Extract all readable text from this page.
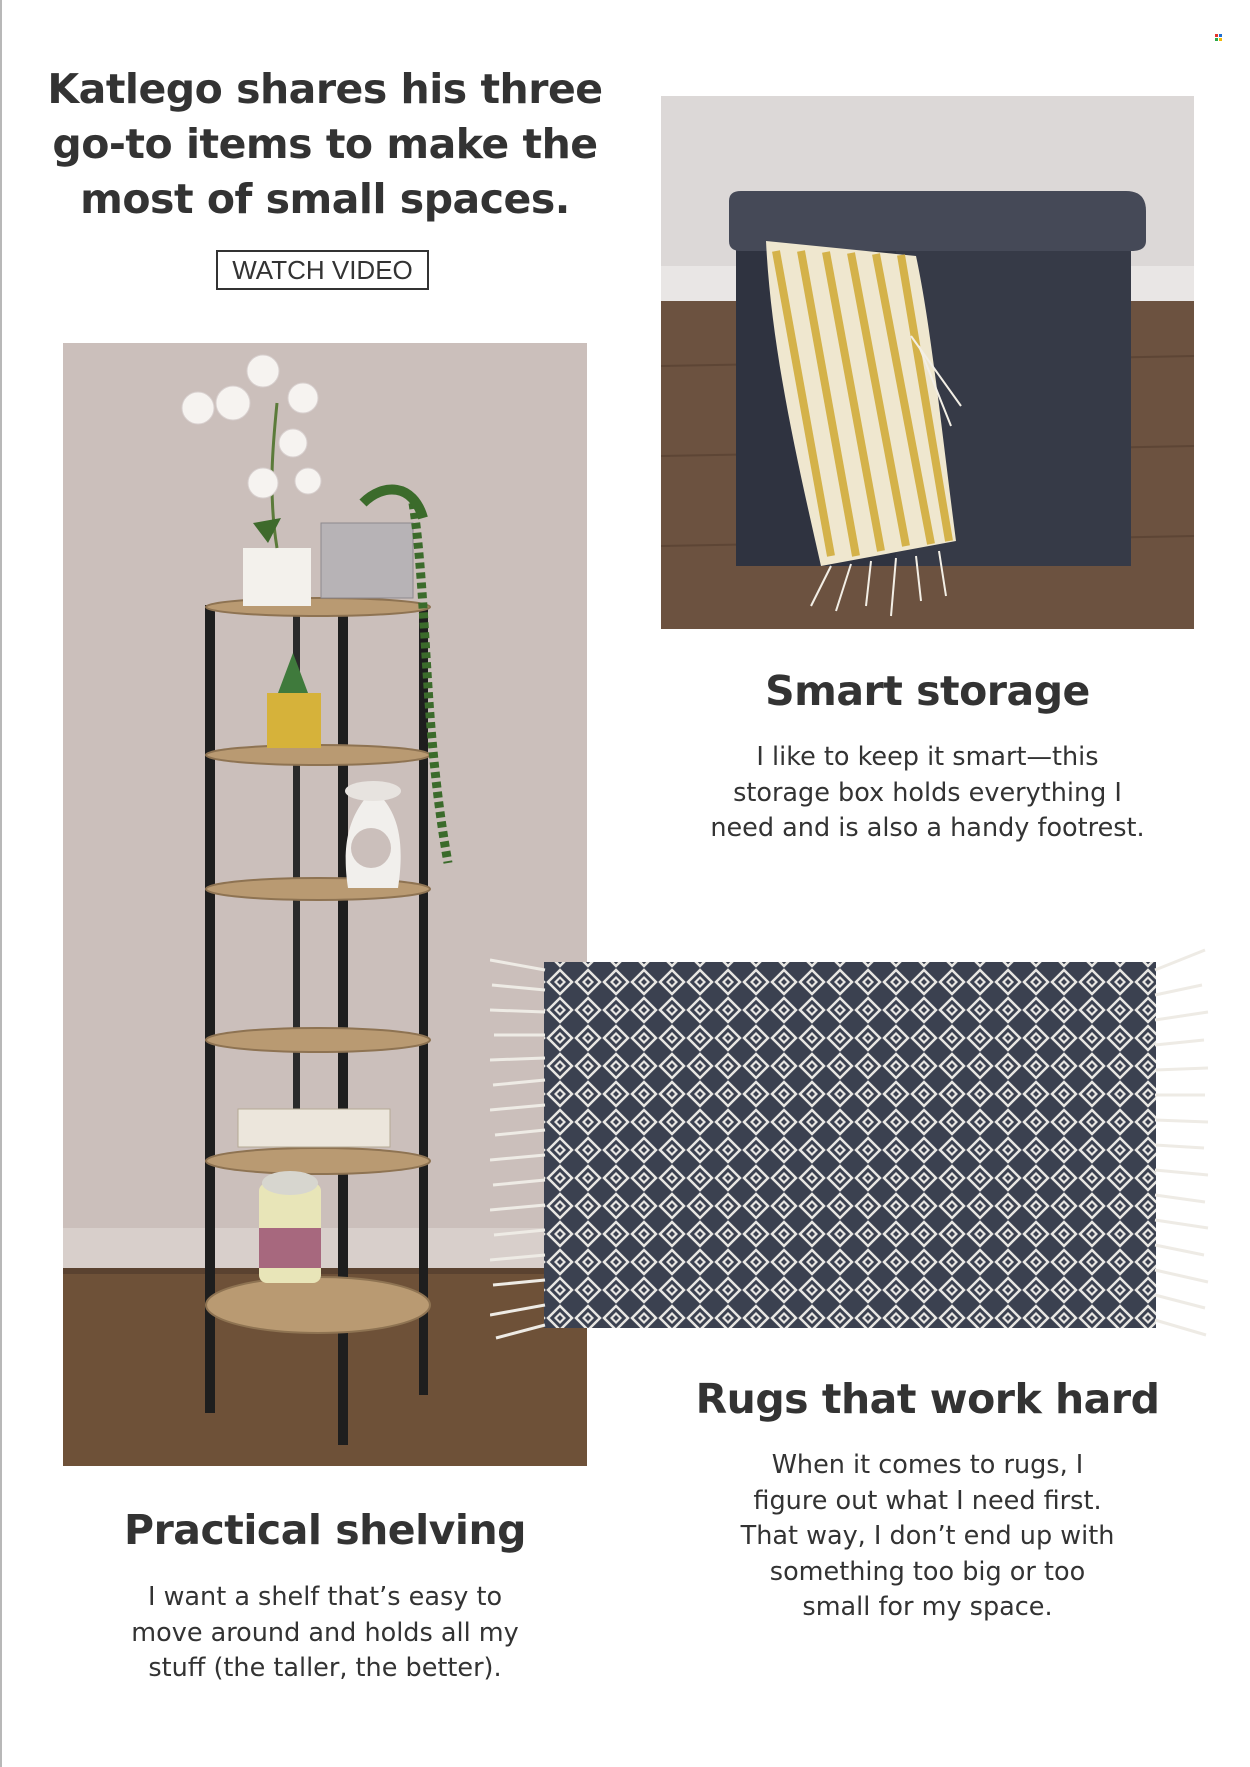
Katlego shares his three
go-to items to make the
most of small spaces.
WATCH VIDEO
Smart storage

I like to keep it smart—this
storage box holds everything I
need and is also a handy footrest.

Rugs that work hard

When it comes to rugs, I
figure out what I need first.
That way, I don’t end up with
something too big or too
small for my space.

Practical shelving

I want a shelf that’s easy to
move around and holds all my
stuff (the taller, the better).
